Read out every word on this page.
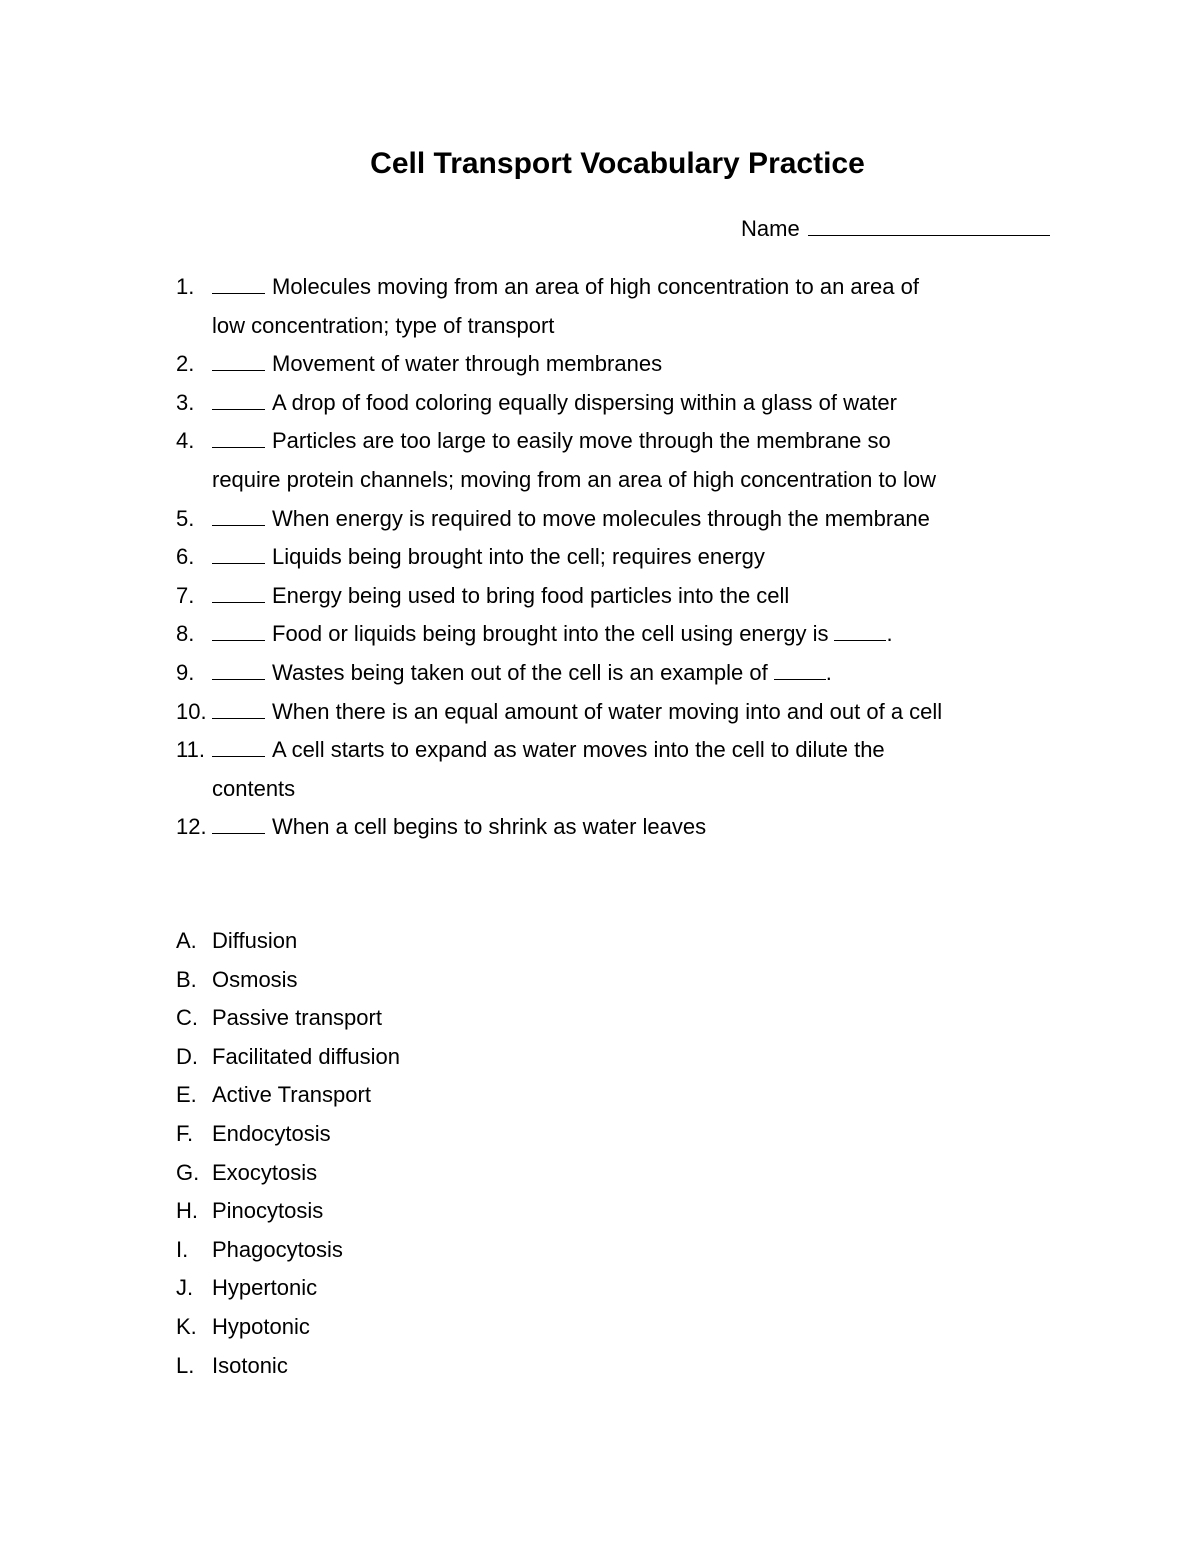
Cell Transport Vocabulary Practice
Name
1.	Molecules moving from an area of high concentration to an area of
low concentration; type of transport
2.	Movement of water through membranes
3.	A drop of food coloring equally dispersing within a glass of water
4.	Particles are too large to easily move through the membrane so
require protein channels; moving from an area of high concentration to low
5.	When energy is required to move molecules through the membrane
6.	Liquids being brought into the cell; requires energy
7.	Energy being used to bring food particles into the cell
8.	Food or liquids being brought into the cell using energy is	.
9.	Wastes being taken out of the cell is an example of	.
10.	When there is an equal amount of water moving into and out of a cell
11.	A cell starts to expand as water moves into the cell to dilute the
contents
12.	When a cell begins to shrink as water leaves
A. Diffusion
B. Osmosis
C. Passive transport
D. Facilitated diffusion
E. Active Transport
F. Endocytosis
G. Exocytosis
H. Pinocytosis
I. Phagocytosis
J. Hypertonic
K. Hypotonic
L. Isotonic
